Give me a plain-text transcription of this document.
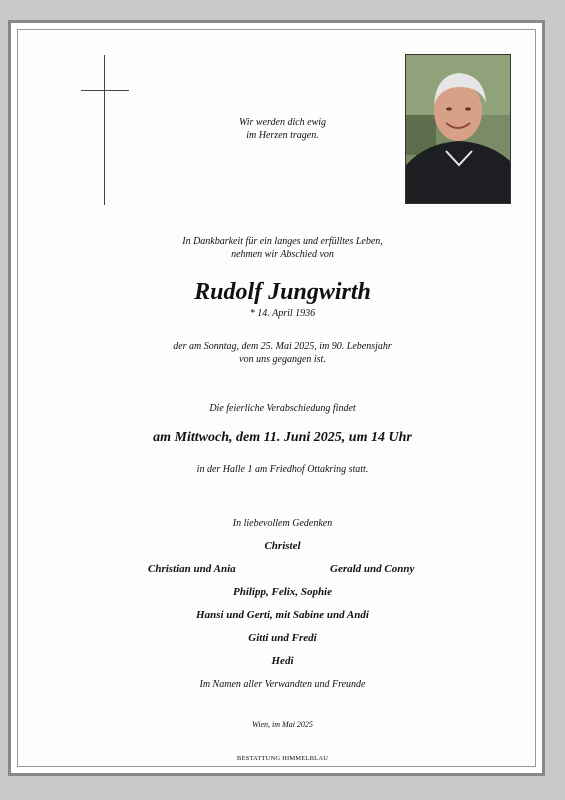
Wir werden dich ewig
im Herzen tragen.
In Dankbarkeit für ein langes und erfülltes Leben,
nehmen wir Abschied von
Rudolf Jungwirth
* 14. April 1936
der am Sonntag, dem 25. Mai 2025, im 90. Lebensjahr
von uns gegangen ist.
Die feierliche Verabschiedung findet
am Mittwoch, dem 11. Juni 2025, um 14 Uhr
in der Halle 1 am Friedhof Ottakring statt.
In liebevollem Gedenken
Christel
Christian und Ania	Gerald und Conny
Philipp, Felix, Sophie
Hansi und Gerti, mit Sabine und Andi
Gitti und Fredi
Hedi
Im Namen aller Verwandten und Freunde
Wien, im Mai 2025
BESTATTUNG HIMMELBLAU
